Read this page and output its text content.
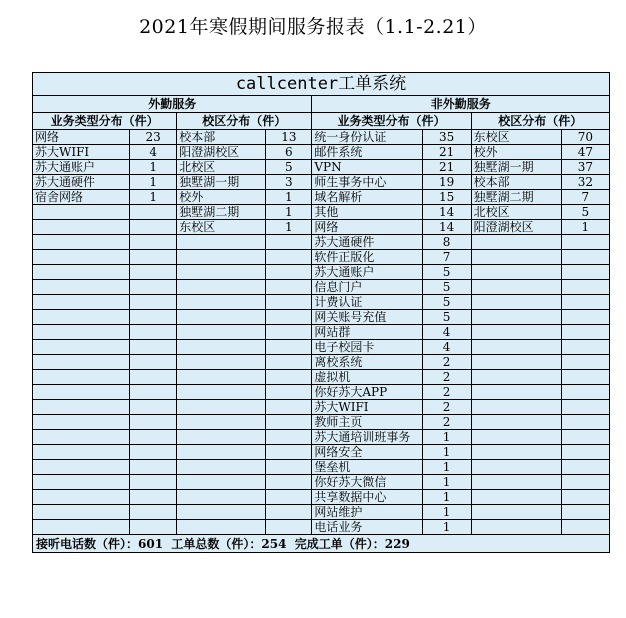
2021年寒假期间服务报表（1.1-2.21）
callcenter工单系统							
外勤服务				非外勤服务			
业务类型分布（件）		校区分布（件）		业务类型分布（件）		校区分布（件）	
网络	23	校本部	13	统一身份认证	35	东校区	70
苏大WIFI	4	阳澄湖校区	6	邮件系统	21	校外	47
苏大通账户	1	北校区	5	VPN	21	独墅湖一期	37
苏大通硬件	1	独墅湖一期	3	师生事务中心	19	校本部	32
宿舍网络	1	校外	1	域名解析	15	独墅湖二期	7
		独墅湖二期	1	其他	14	北校区	5
		东校区	1	网络	14	阳澄湖校区	1
				苏大通硬件	8		
				软件正版化	7		
				苏大通账户	5		
				信息门户	5		
				计费认证	5		
				网关账号充值	5		
				网站群	4		
				电子校园卡	4		
				离校系统	2		
				虚拟机	2		
				你好苏大APP	2		
				苏大WIFI	2		
				教师主页	2		
				苏大通培训班事务	1		
				网络安全	1		
				堡垒机	1		
				你好苏大微信	1		
				共享数据中心	1		
				网站维护	1		
				电话业务	1		
接听电话数（件）：601  工单总数（件）：254  完成工单（件）：229							
